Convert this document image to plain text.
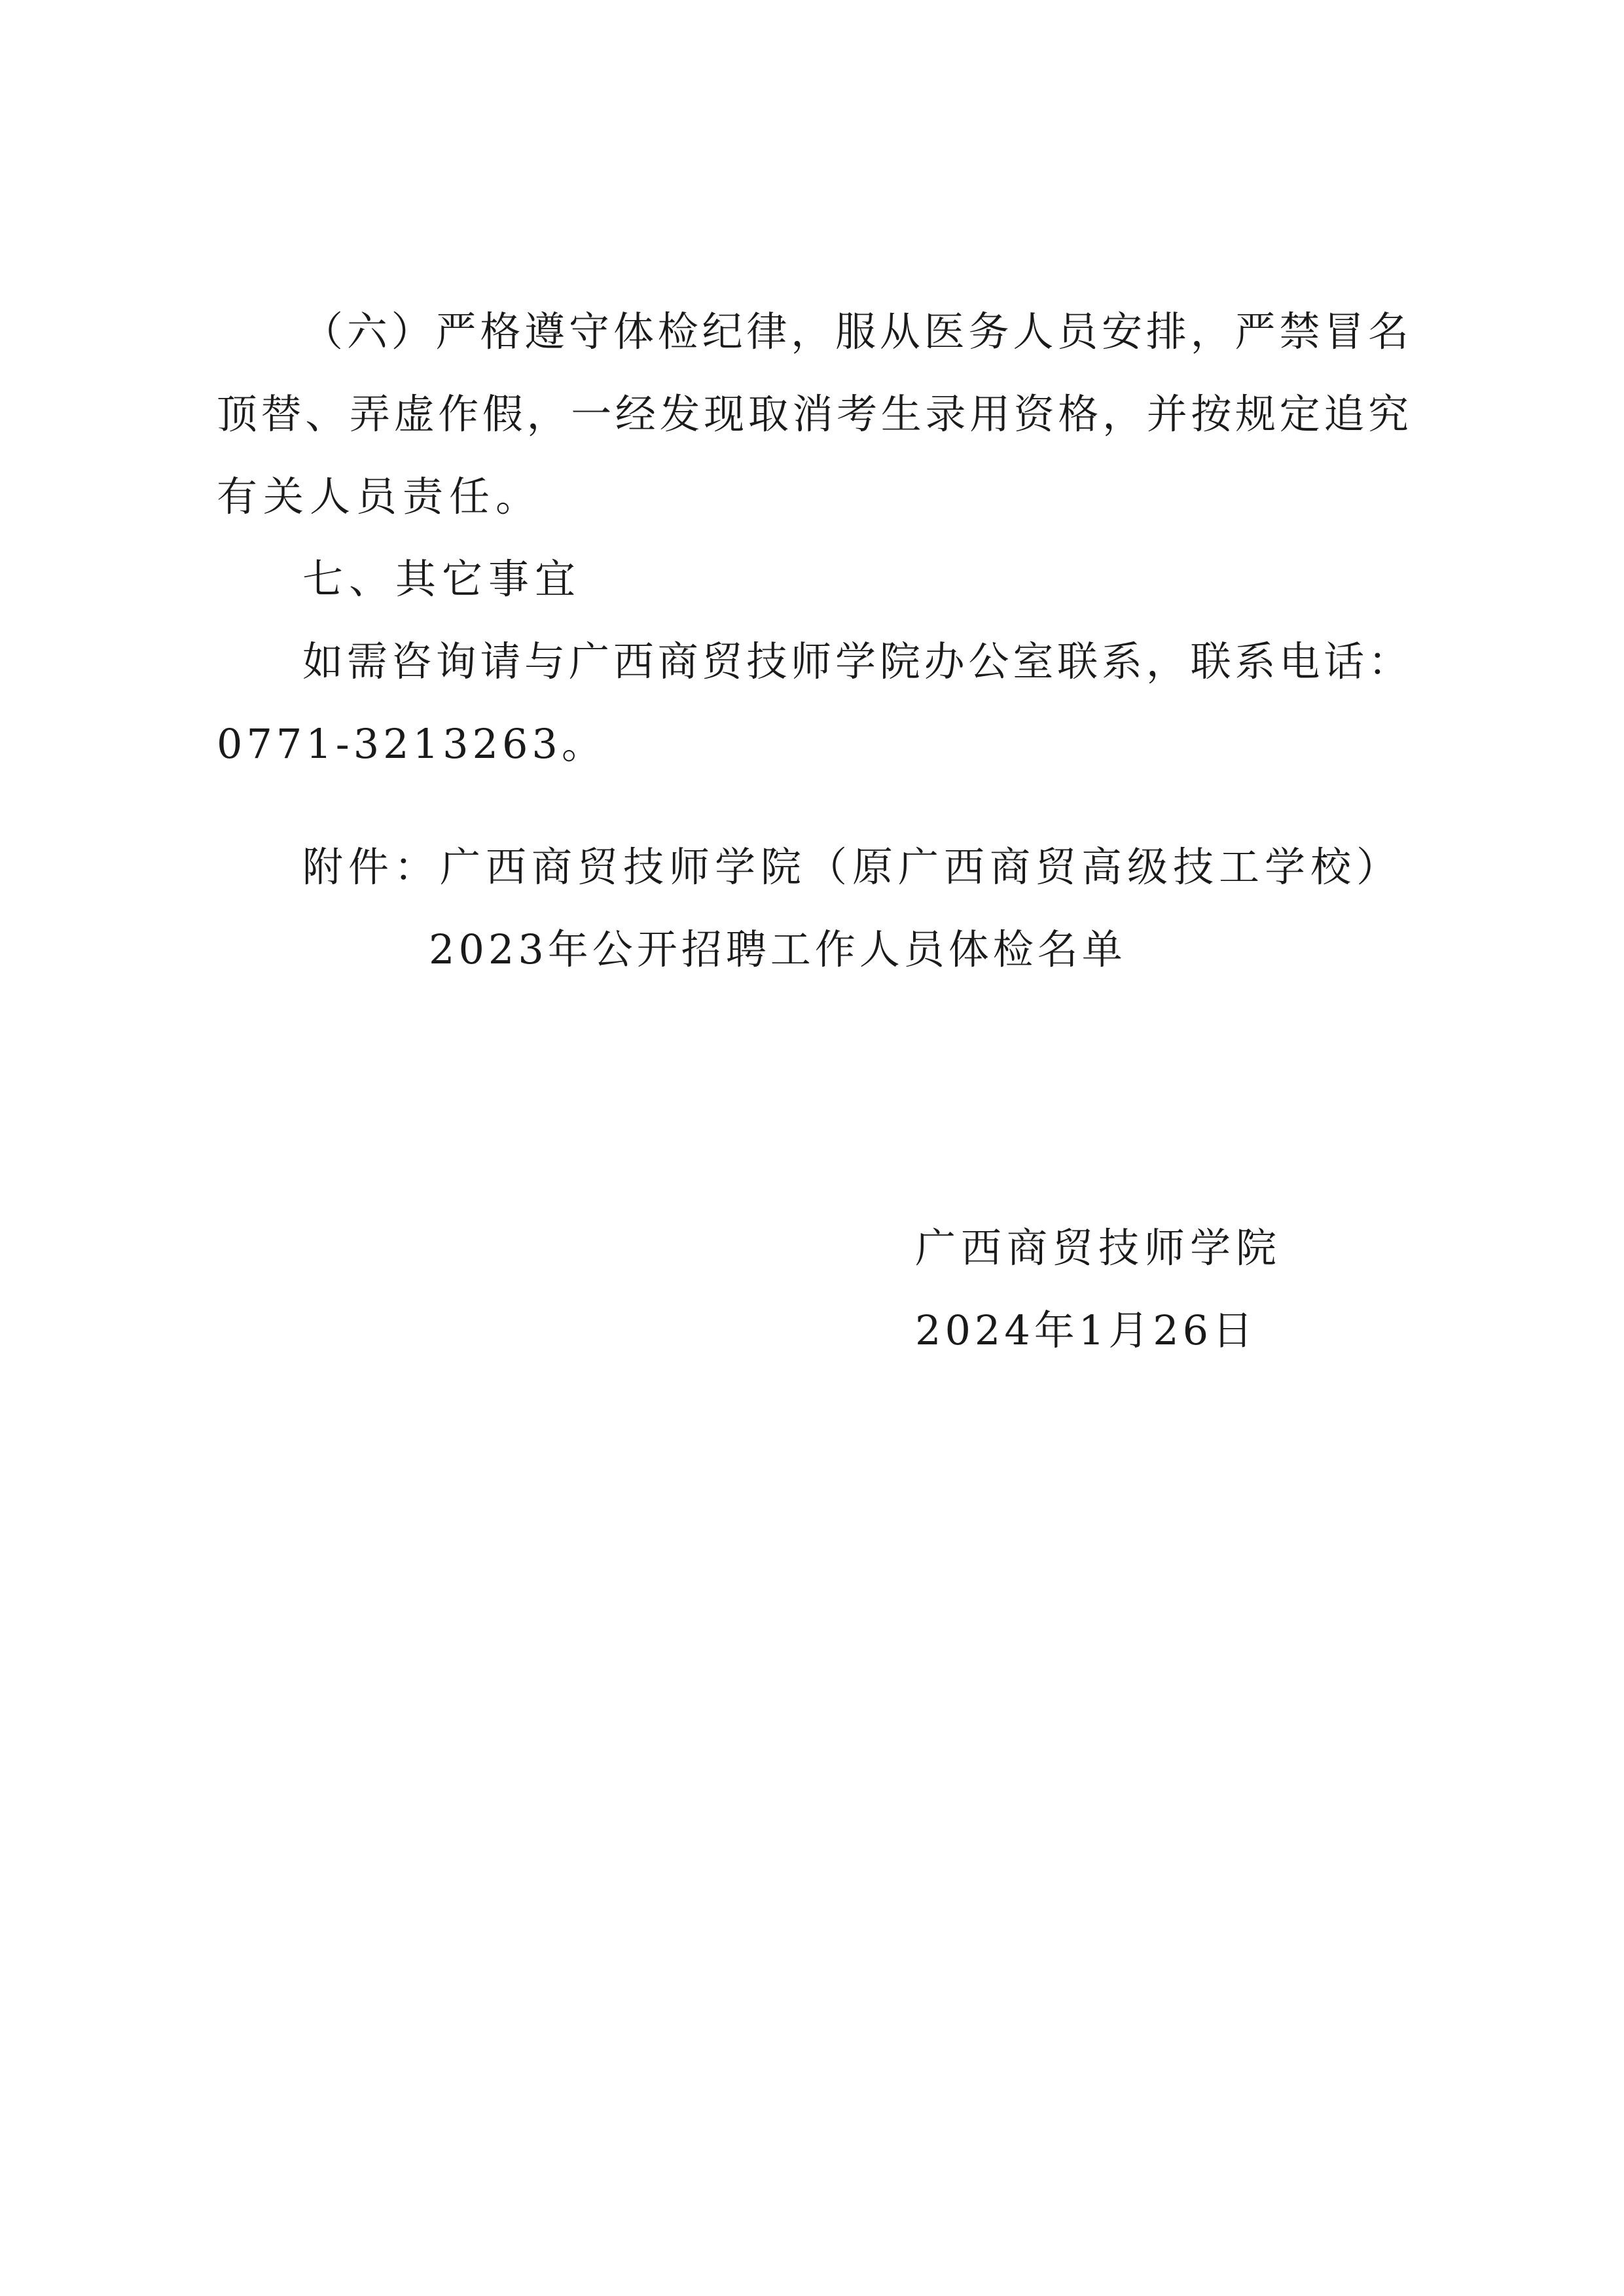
（六）严格遵守体检纪律，服从医务人员安排，严禁冒名
顶替、弄虚作假，一经发现取消考生录用资格，并按规定追究
有关人员责任。
七、其它事宜
如需咨询请与广西商贸技师学院办公室联系，联系电话：
0771-3213263。
附件：广西商贸技师学院（原广西商贸高级技工学校）
2023年公开招聘工作人员体检名单
广西商贸技师学院
2024年1月26日
